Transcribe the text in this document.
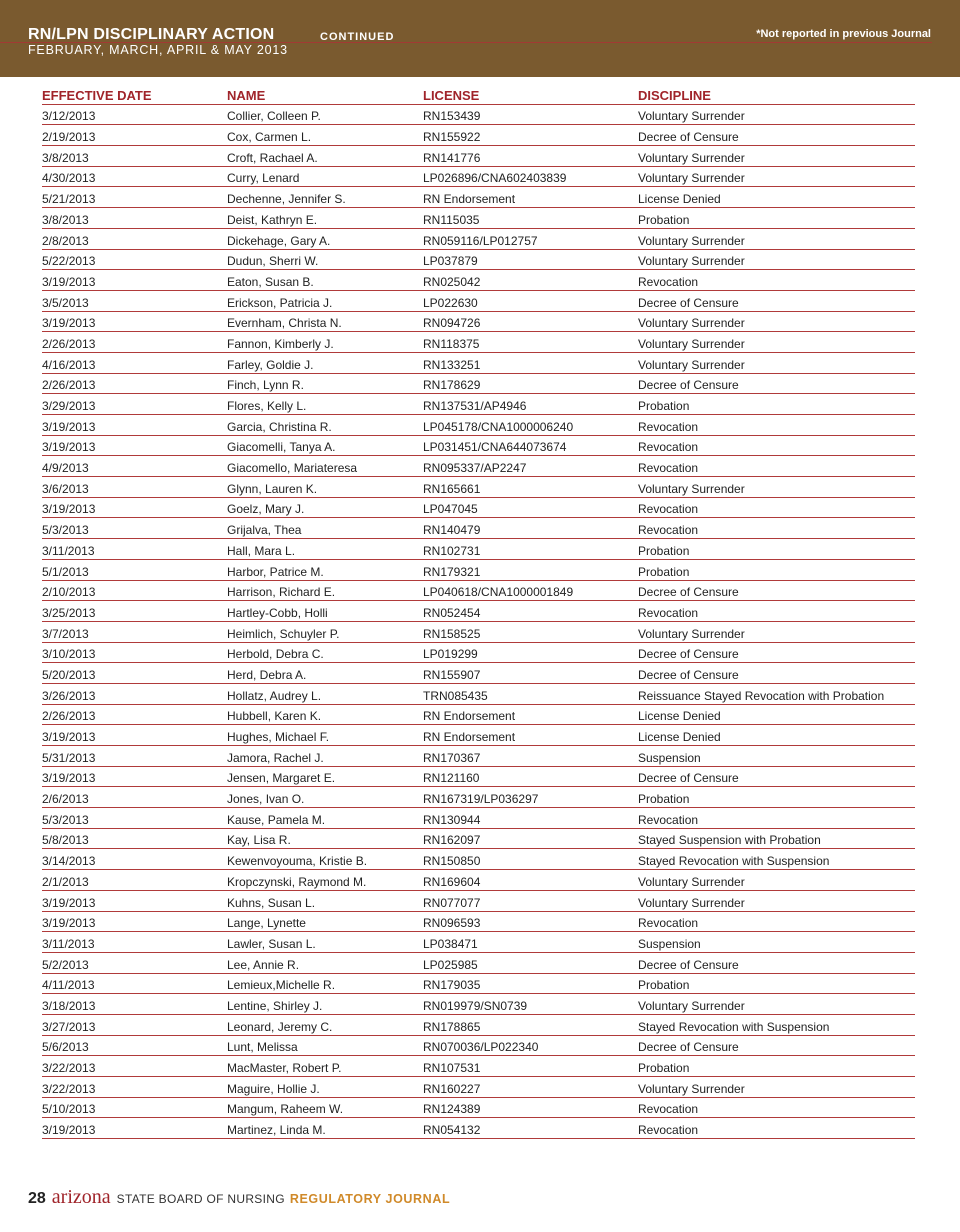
RN/LPN DISCIPLINARY ACTION	CONTINUED
FEBRUARY, MARCH, APRIL & MAY 2013
*Not reported in previous Journal
EFFECTIVE DATE	NAME	LICENSE	DISCIPLINE
3/12/2013	Collier, Colleen P.	RN153439	Voluntary Surrender
2/19/2013	Cox, Carmen L.	RN155922	Decree of Censure
3/8/2013	Croft, Rachael A.	RN141776	Voluntary Surrender
4/30/2013	Curry, Lenard	LP026896/CNA602403839	Voluntary Surrender
5/21/2013	Dechenne, Jennifer S.	RN Endorsement	License Denied
3/8/2013	Deist, Kathryn E.	RN115035	Probation
2/8/2013	Dickehage, Gary A.	RN059116/LP012757	Voluntary Surrender
5/22/2013	Dudun, Sherri W.	LP037879	Voluntary Surrender
3/19/2013	Eaton, Susan B.	RN025042	Revocation
3/5/2013	Erickson, Patricia J.	LP022630	Decree of Censure
3/19/2013	Evernham, Christa N.	RN094726	Voluntary Surrender
2/26/2013	Fannon, Kimberly J.	RN118375	Voluntary Surrender
4/16/2013	Farley, Goldie J.	RN133251	Voluntary Surrender
2/26/2013	Finch, Lynn R.	RN178629	Decree of Censure
3/29/2013	Flores, Kelly L.	RN137531/AP4946	Probation
3/19/2013	Garcia, Christina R.	LP045178/CNA1000006240	Revocation
3/19/2013	Giacomelli, Tanya A.	LP031451/CNA644073674	Revocation
4/9/2013	Giacomello, Mariateresa	RN095337/AP2247	Revocation
3/6/2013	Glynn, Lauren K.	RN165661	Voluntary Surrender
3/19/2013	Goelz, Mary J.	LP047045	Revocation
5/3/2013	Grijalva, Thea	RN140479	Revocation
3/11/2013	Hall, Mara L.	RN102731	Probation
5/1/2013	Harbor, Patrice M.	RN179321	Probation
2/10/2013	Harrison, Richard E.	LP040618/CNA1000001849	Decree of Censure
3/25/2013	Hartley-Cobb, Holli	RN052454	Revocation
3/7/2013	Heimlich, Schuyler P.	RN158525	Voluntary Surrender
3/10/2013	Herbold, Debra C.	LP019299	Decree of Censure
5/20/2013	Herd, Debra A.	RN155907	Decree of Censure
3/26/2013	Hollatz, Audrey L.	TRN085435	Reissuance Stayed Revocation with Probation
2/26/2013	Hubbell, Karen K.	RN Endorsement	License Denied
3/19/2013	Hughes, Michael F.	RN Endorsement	License Denied
5/31/2013	Jamora, Rachel J.	RN170367	Suspension
3/19/2013	Jensen, Margaret E.	RN121160	Decree of Censure
2/6/2013	Jones, Ivan O.	RN167319/LP036297	Probation
5/3/2013	Kause, Pamela M.	RN130944	Revocation
5/8/2013	Kay, Lisa R.	RN162097	Stayed Suspension with Probation
3/14/2013	Kewenvoyouma, Kristie B.	RN150850	Stayed Revocation with Suspension
2/1/2013	Kropczynski, Raymond M.	RN169604	Voluntary Surrender
3/19/2013	Kuhns, Susan L.	RN077077	Voluntary Surrender
3/19/2013	Lange, Lynette	RN096593	Revocation
3/11/2013	Lawler, Susan L.	LP038471	Suspension
5/2/2013	Lee, Annie R.	LP025985	Decree of Censure
4/11/2013	Lemieux,Michelle R.	RN179035	Probation
3/18/2013	Lentine, Shirley J.	RN019979/SN0739	Voluntary Surrender
3/27/2013	Leonard, Jeremy C.	RN178865	Stayed Revocation with Suspension
5/6/2013	Lunt, Melissa	RN070036/LP022340	Decree of Censure
3/22/2013	MacMaster, Robert P.	RN107531	Probation
3/22/2013	Maguire, Hollie J.	RN160227	Voluntary Surrender
5/10/2013	Mangum, Raheem W.	RN124389	Revocation
3/19/2013	Martinez, Linda M.	RN054132	Revocation
28 arizona STATE BOARD OF NURSING REGULATORY JOURNAL
